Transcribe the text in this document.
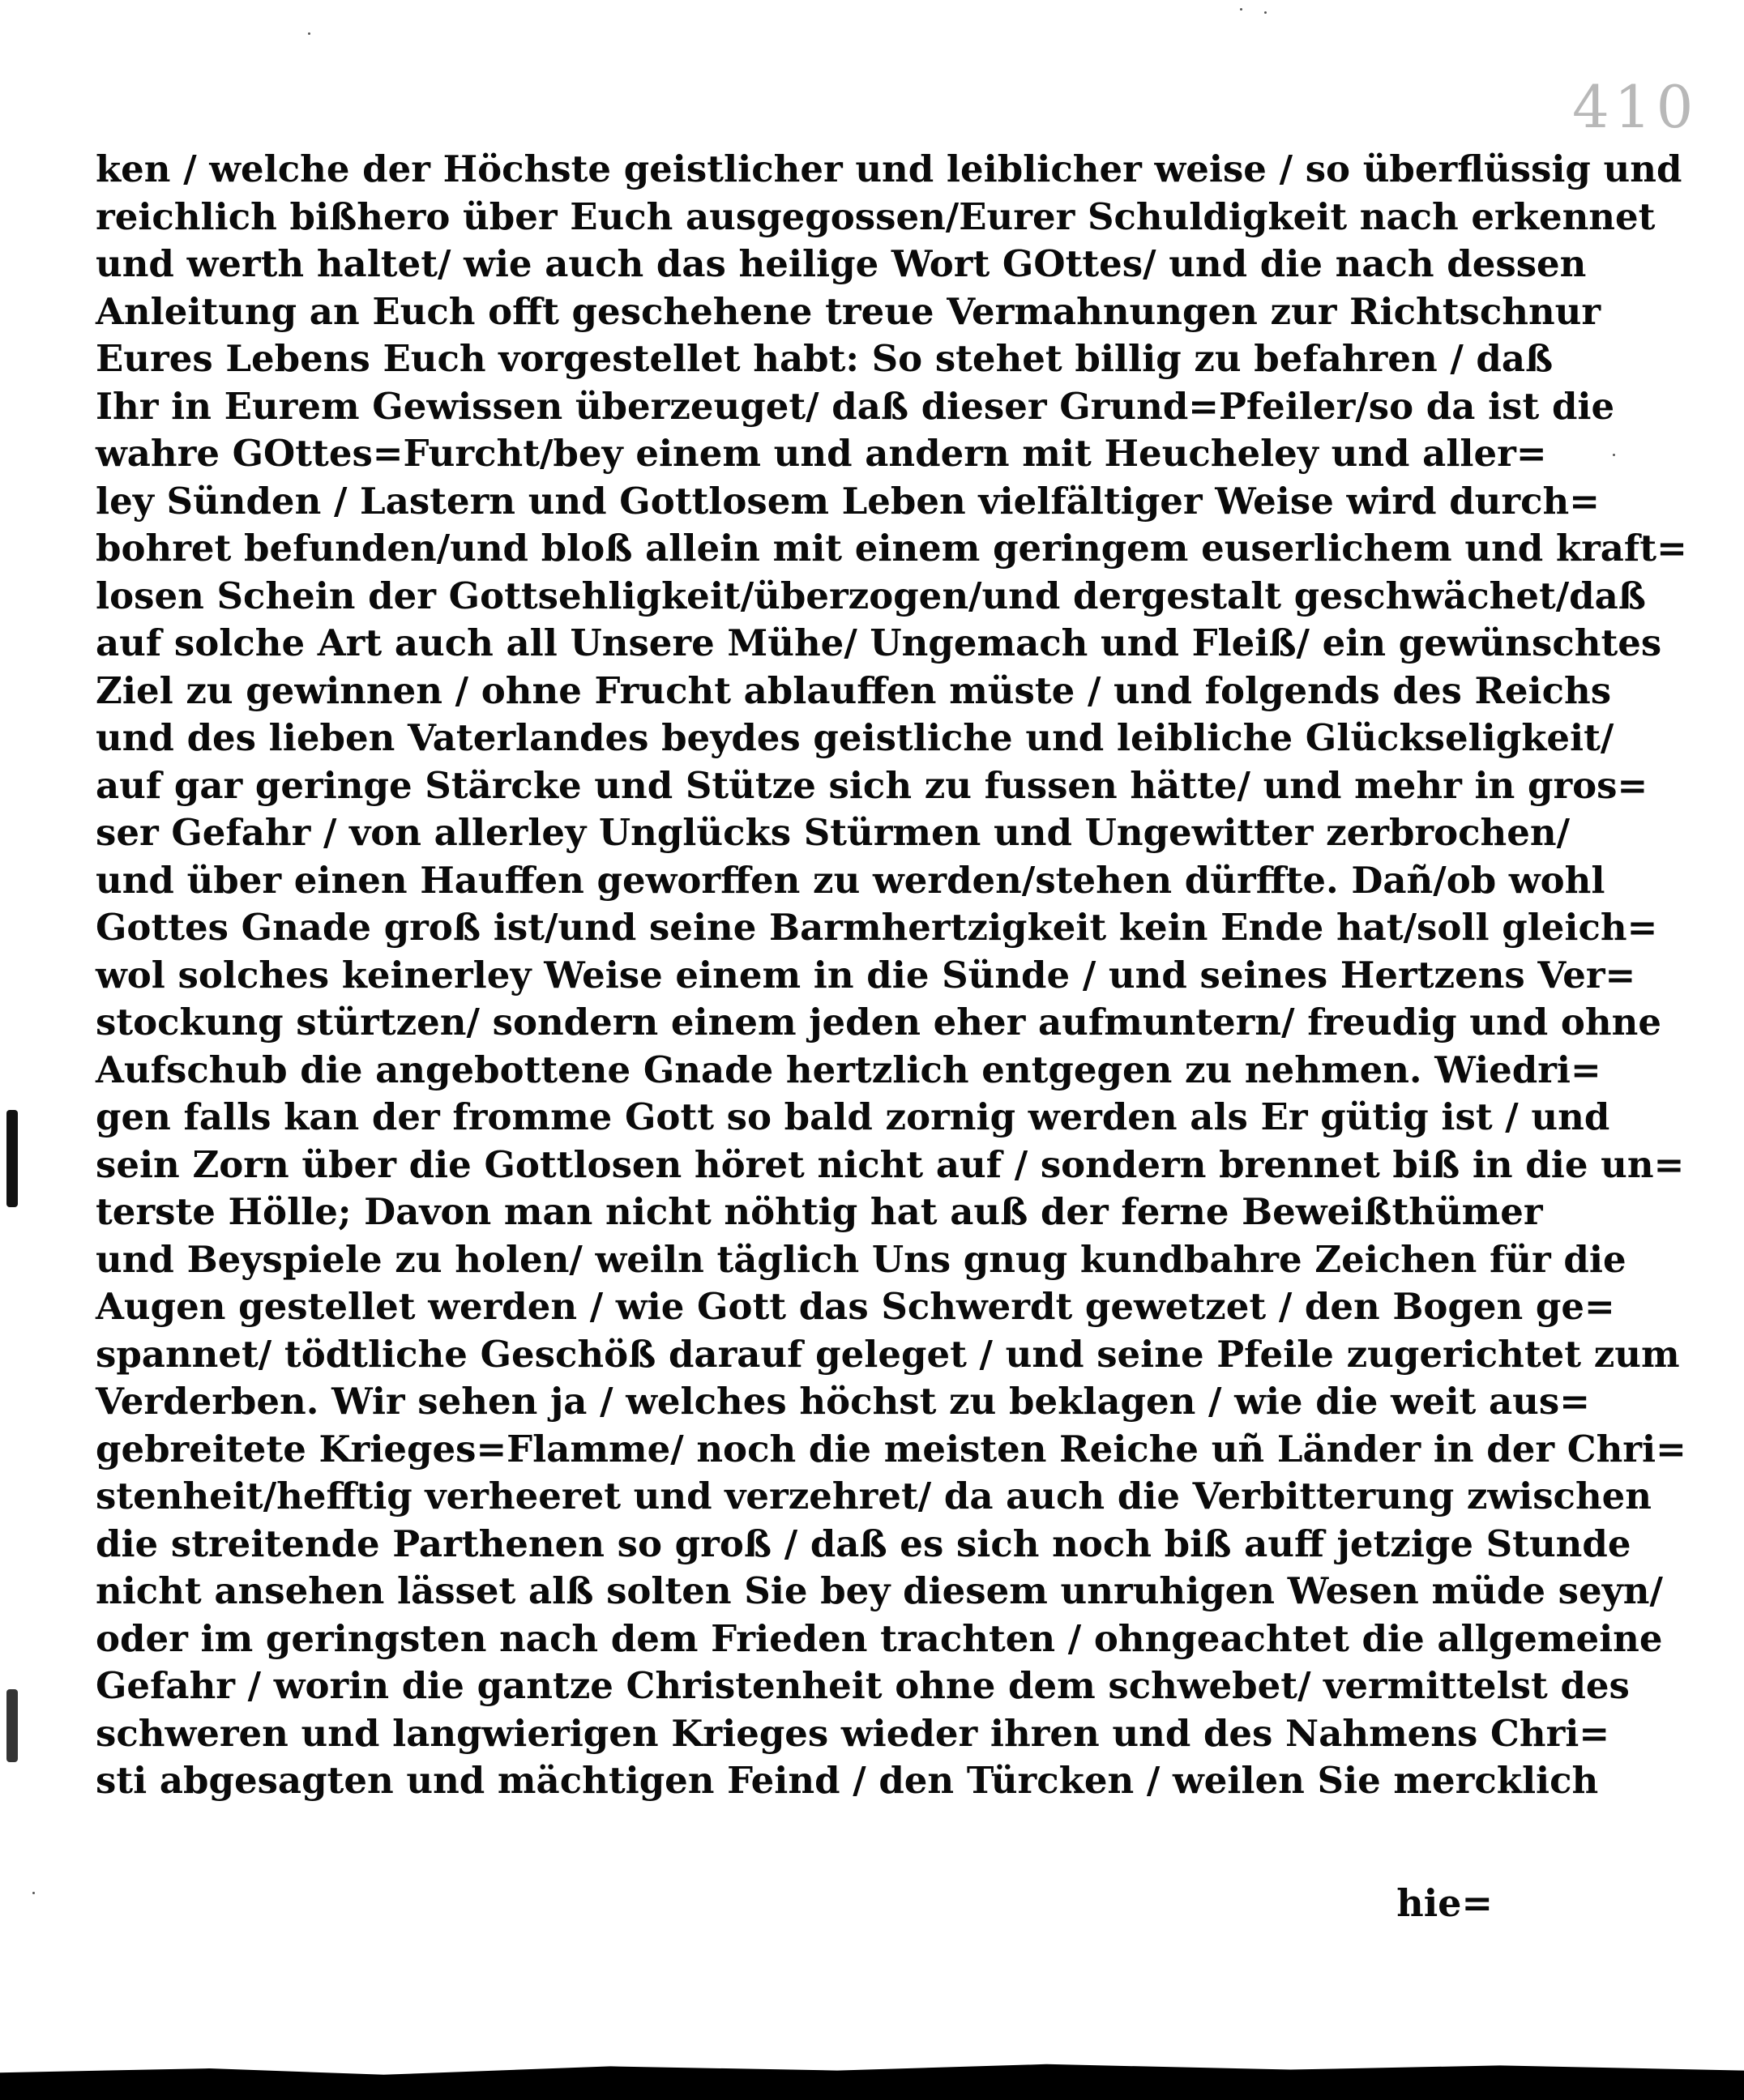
410
ken / welche der Höchste geistlicher und leiblicher weise / so überflüssig und
reichlich bißhero über Euch ausgegossen/Eurer Schuldigkeit nach erkennet
und werth haltet/ wie auch das heilige Wort GOttes/ und die nach dessen
Anleitung an Euch offt geschehene treue Vermahnungen zur Richtschnur
Eures Lebens Euch vorgestellet habt: So stehet billig zu befahren / daß
Ihr in Eurem Gewissen überzeuget/ daß dieser Grund=Pfeiler/so da ist die
wahre GOttes=Furcht/bey einem und andern mit Heucheley und aller=
ley Sünden / Lastern und Gottlosem Leben vielfältiger Weise wird durch=
bohret befunden/und bloß allein mit einem geringem euserlichem und kraft=
losen Schein der Gottsehligkeit/überzogen/und dergestalt geschwächet/daß
auf solche Art auch all Unsere Mühe/ Ungemach und Fleiß/ ein gewünschtes
Ziel zu gewinnen / ohne Frucht ablauffen müste / und folgends des Reichs
und des lieben Vaterlandes beydes geistliche und leibliche Glückseligkeit/
auf gar geringe Stärcke und Stütze sich zu fussen hätte/ und mehr in gros=
ser Gefahr / von allerley Unglücks Stürmen und Ungewitter zerbrochen/
und über einen Hauffen geworffen zu werden/stehen dürffte. Dañ/ob wohl
Gottes Gnade groß ist/und seine Barmhertzigkeit kein Ende hat/soll gleich=
wol solches keinerley Weise einem in die Sünde / und seines Hertzens Ver=
stockung stürtzen/ sondern einem jeden eher aufmuntern/ freudig und ohne
Aufschub die angebottene Gnade hertzlich entgegen zu nehmen. Wiedri=
gen falls kan der fromme Gott so bald zornig werden als Er gütig ist / und
sein Zorn über die Gottlosen höret nicht auf / sondern brennet biß in die un=
terste Hölle; Davon man nicht nöhtig hat auß der ferne Beweißthümer
und Beyspiele zu holen/ weiln täglich Uns gnug kundbahre Zeichen für die
Augen gestellet werden / wie Gott das Schwerdt gewetzet / den Bogen ge=
spannet/ tödtliche Geschöß darauf geleget / und seine Pfeile zugerichtet zum
Verderben. Wir sehen ja / welches höchst zu beklagen / wie die weit aus=
gebreitete Krieges=Flamme/ noch die meisten Reiche uñ Länder in der Chri=
stenheit/hefftig verheeret und verzehret/ da auch die Verbitterung zwischen
die streitende Parthenen so groß / daß es sich noch biß auff jetzige Stunde
nicht ansehen lässet alß solten Sie bey diesem unruhigen Wesen müde seyn/
oder im geringsten nach dem Frieden trachten / ohngeachtet die allgemeine
Gefahr / worin die gantze Christenheit ohne dem schwebet/ vermittelst des
schweren und langwierigen Krieges wieder ihren und des Nahmens Chri=
sti abgesagten und mächtigen Feind / den Türcken / weilen Sie mercklich
hie=
